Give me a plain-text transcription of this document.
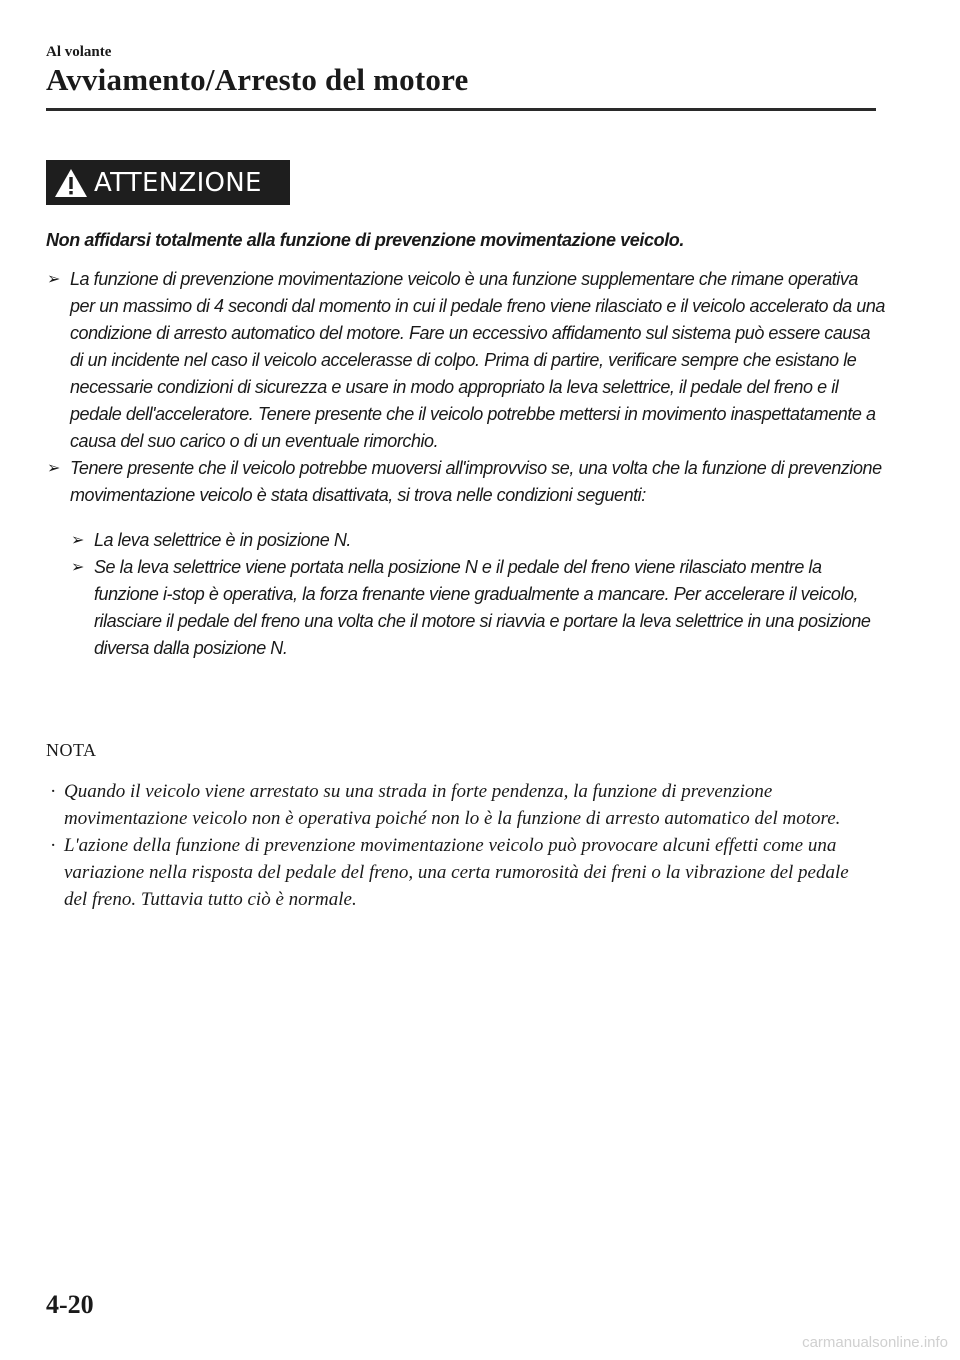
Al volante
Avviamento/Arresto del motore
ATTENZIONE
Non affidarsi totalmente alla funzione di prevenzione movimentazione veicolo.
➢ La funzione di prevenzione movimentazione veicolo è una funzione supplementare che rimane operativa per un massimo di 4 secondi dal momento in cui il pedale freno viene rilasciato e il veicolo accelerato da una condizione di arresto automatico del motore. Fare un eccessivo affidamento sul sistema può essere causa di un incidente nel caso il veicolo accelerasse di colpo. Prima di partire, verificare sempre che esistano le necessarie condizioni di sicurezza e usare in modo appropriato la leva selettrice, il pedale del freno e il pedale dell'acceleratore. Tenere presente che il veicolo potrebbe mettersi in movimento inaspettatamente a causa del suo carico o di un eventuale rimorchio.
➢ Tenere presente che il veicolo potrebbe muoversi all'improvviso se, una volta che la funzione di prevenzione movimentazione veicolo è stata disattivata, si trova nelle condizioni seguenti:
➢ La leva selettrice è in posizione N.
➢ Se la leva selettrice viene portata nella posizione N e il pedale del freno viene rilasciato mentre la funzione i-stop è operativa, la forza frenante viene gradualmente a mancare. Per accelerare il veicolo, rilasciare il pedale del freno una volta che il motore si riavvia e portare la leva selettrice in una posizione diversa dalla posizione N.
NOTA
· Quando il veicolo viene arrestato su una strada in forte pendenza, la funzione di prevenzione movimentazione veicolo non è operativa poiché non lo è la funzione di arresto automatico del motore.
· L'azione della funzione di prevenzione movimentazione veicolo può provocare alcuni effetti come una variazione nella risposta del pedale del freno, una certa rumorosità dei freni o la vibrazione del pedale del freno. Tuttavia tutto ciò è normale.
4-20
carmanualsonline.info
